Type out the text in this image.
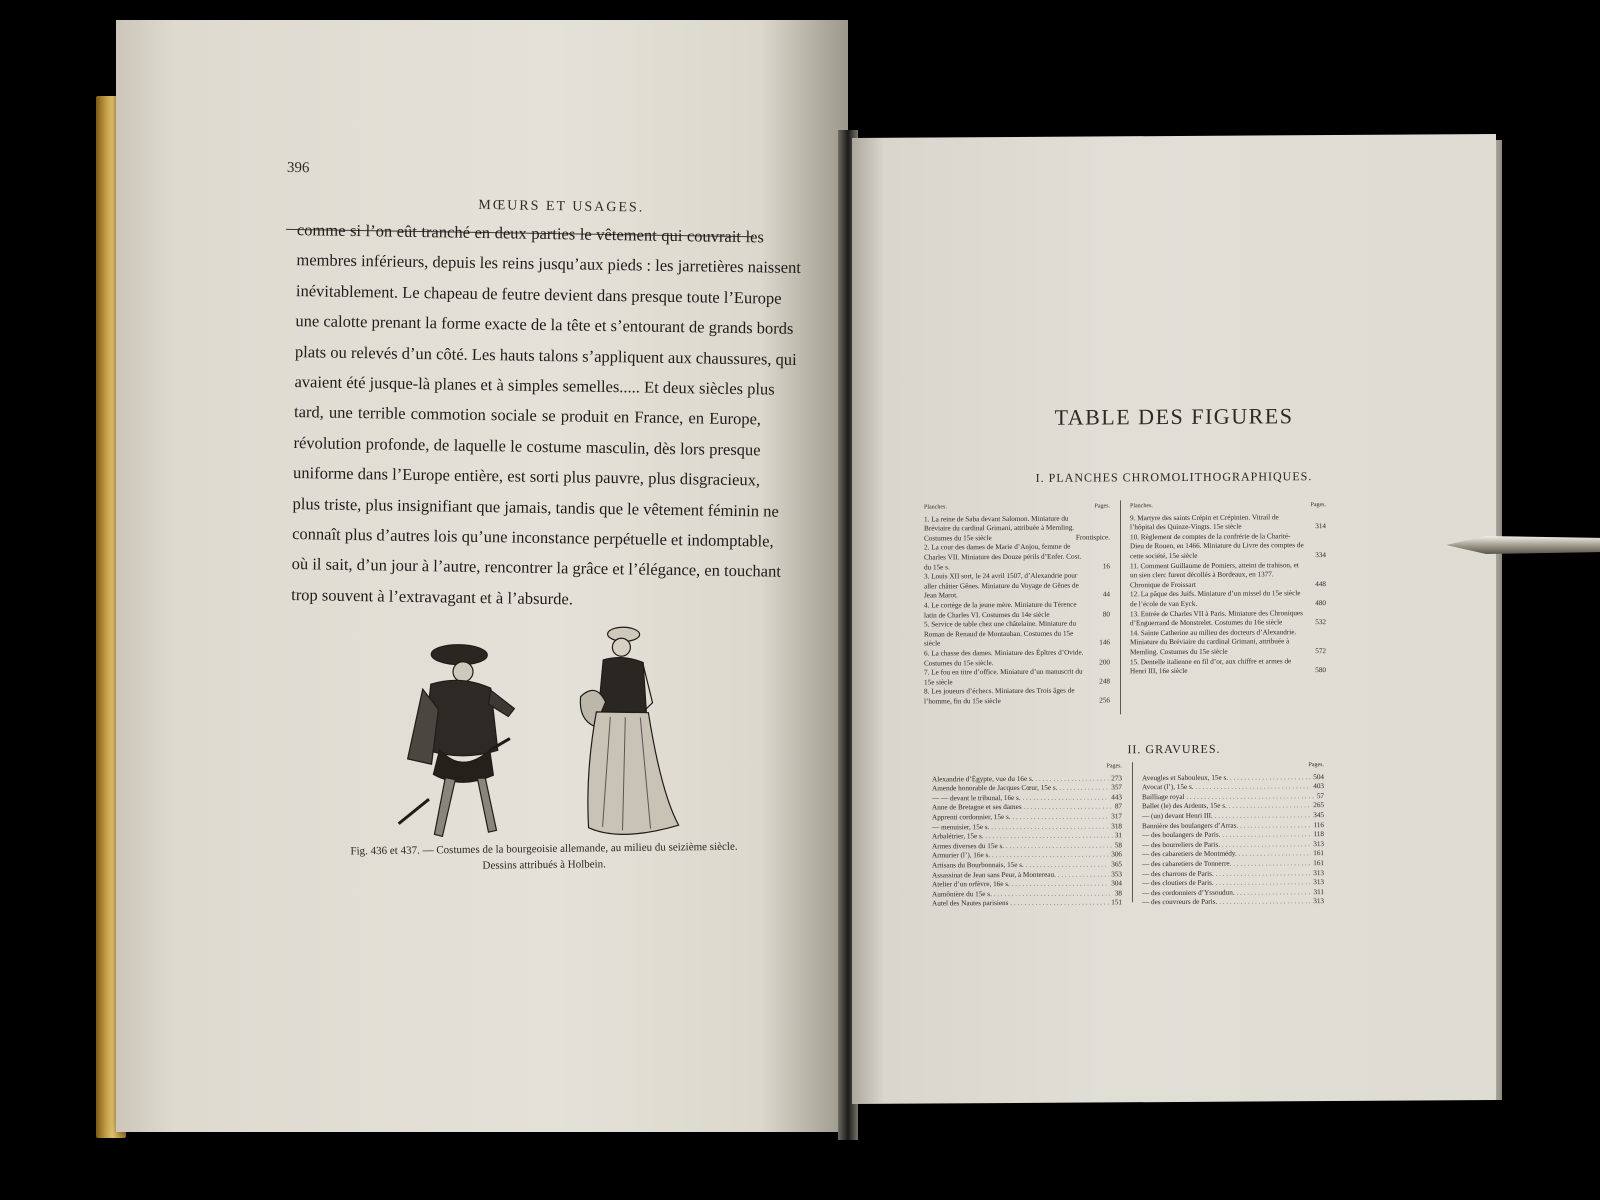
396
MŒURS ET USAGES.
comme si l’on eût tranché en deux parties le vêtement qui couvrait les
membres inférieurs, depuis les reins jusqu’aux pieds : les jarretières naissent
inévitablement. Le chapeau de feutre devient dans presque toute l’Europe
une calotte prenant la forme exacte de la tête et s’entourant de grands bords
plats ou relevés d’un côté. Les hauts talons s’appliquent aux chaussures, qui
avaient été jusque-là planes et à simples semelles..... Et deux siècles plus
tard, une terrible commotion sociale se produit en France, en Europe,
révolution profonde, de laquelle le costume masculin, dès lors presque
uniforme dans l’Europe entière, est sorti plus pauvre, plus disgracieux,
plus triste, plus insignifiant que jamais, tandis que le vêtement féminin ne
connaît plus d’autres lois qu’une inconstance perpétuelle et indomptable,
où il sait, d’un jour à l’autre, rencontrer la grâce et l’élégance, en touchant
trop souvent à l’extravagant et à l’absurde.
Fig. 436 et 437. — Costumes de la bourgeoisie allemande, au milieu du seizième siècle.
Dessins attribués à Holbein.
TABLE DES FIGURES
I. PLANCHES CHROMOLITHOGRAPHIQUES.
Planches.	Pages.
1. La reine de Saba devant Salomon. Miniature du Bréviaire du cardinal Grimani, attribuée à Memling. Costumes du 15e siècle	Frontispice.
2. La cour des dames de Marie d’Anjou, femme de Charles VII. Miniature des Douze périls d’Enfer. Cost. du 15e s.	16
3. Louis XII sort, le 24 avril 1507, d’Alexandrie pour aller châtier Gênes. Miniature du Voyage de Gênes de Jean Marot.	44
4. Le cortège de la jeune mère. Miniature du Térence latin de Charles VI. Costumes du 14e siècle	80
5. Service de table chez une châtelaine. Miniature du Roman de Renaud de Montauban. Costumes du 15e siècle	146
6. La chasse des dames. Miniature des Épîtres d’Ovide. Costumes du 15e siècle.	200
7. Le fou en titre d’office. Miniature d’un manuscrit du 15e siècle	248
8. Les joueurs d’échecs. Miniature des Trois âges de l’homme, fin du 15e siècle	256
Planches.	Pages.
9. Martyre des saints Crépin et Crépinien. Vitrail de l’hôpital des Quinze-Vingts. 15e siècle	314
10. Règlement de comptes de la confrérie de la Charité-Dieu de Rouen, en 1466. Miniature du Livre des comptes de cette société, 15e siècle	334
11. Comment Guillaume de Pomiers, atteint de trahison, et un sien clerc furent décollés à Bordeaux, en 1377. Chronique de Froissart	448
12. La pâque des Juifs. Miniature d’un missel du 15e siècle de l’école de van Eyck.	480
13. Entrée de Charles VII à Paris. Miniature des Chroniques d’Enguerrand de Monstrelet. Costumes du 16e siècle	532
14. Sainte Catherine au milieu des docteurs d’Alexandrie. Miniature du Bréviaire du cardinal Grimani, attribuée à Memling. Costumes du 15e siècle	572
15. Dentelle italienne en fil d’or, aux chiffre et armes de Henri III, 16e siècle	580
II. GRAVURES.
Pages.
Alexandrie d’Égypte, vue du 16e s. . . .	273
Amende honorable de Jacques Cœur, 15e s. . . .	357
— — devant le tribunal, 16e s. . . .	443
Anne de Bretagne et ses dames . . .	87
Apprenti cordonnier, 15e s. . . .	317
— menuisier, 15e s. . . .	318
Arbalétrier, 15e s. . . .	31
Armes diverses du 15e s. . . .	58
Armurier (l’), 16e s. . . .	306
Artisans du Bourbonnais, 15e s. . . .	365
Assassinat de Jean sans Peur, à Montereau. . . .	353
Atelier d’un orfèvre, 16e s. . . .	304
Aumônière du 15e s. . . .	38
Autel des Nautes parisiens . . .	151
Pages.
Aveugles et Sabouleux, 15e s. . . .	504
Avocat (l’), 15e s. . . .	403
Bailliage royal . . .	57
Ballet (le) des Ardents, 15e s. . . .	265
— (un) devant Henri III. . . .	345
Bannière des boulangers d’Arras. . . .	116
— des boulangers de Paris. . . .	118
— des bourreliers de Paris. . . .	313
— des cabaretiers de Montmédy. . . .	161
— des cabaretiers de Tonnerre. . . .	161
— des charrons de Paris. . . .	313
— des cloutiers de Paris. . . .	313
— des cordonniers d’Yssoudun. . . .	311
— des couvreurs de Paris. . . .	313
